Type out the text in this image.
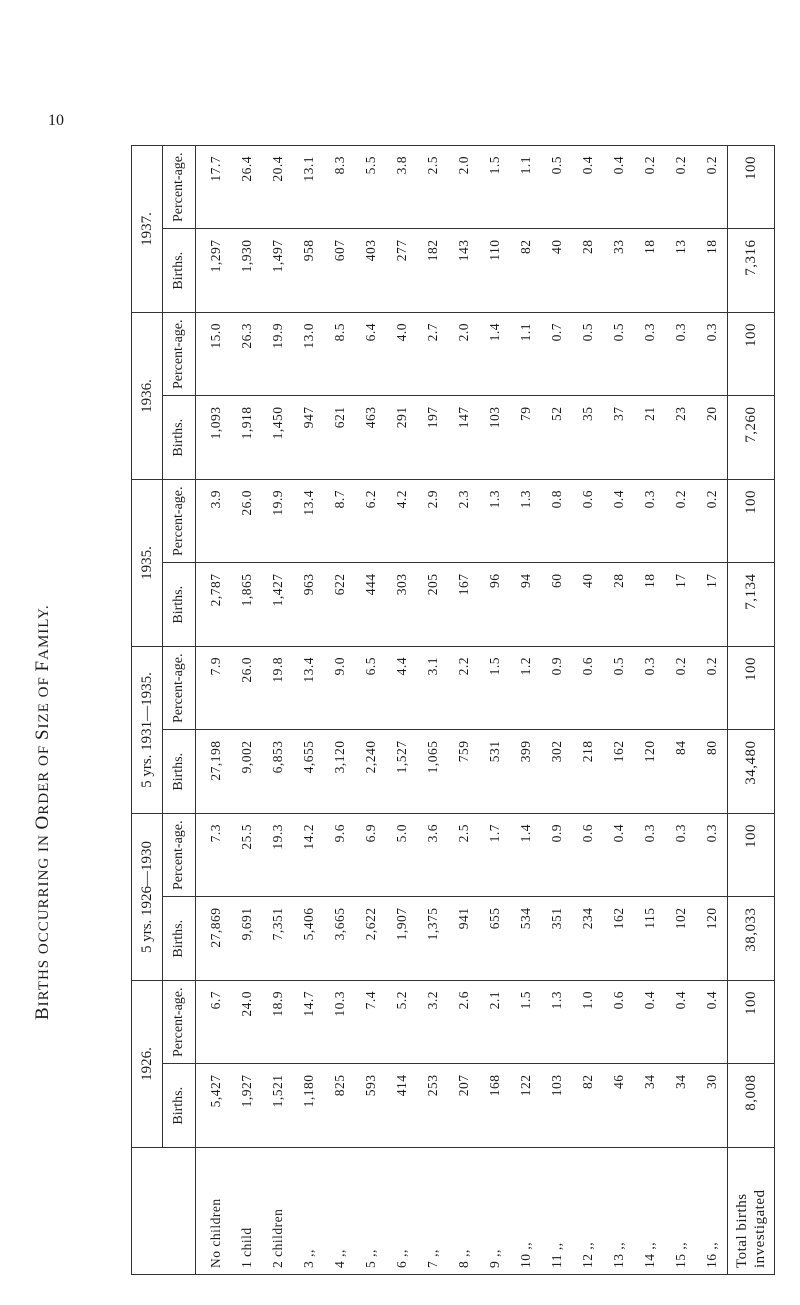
10
BIRTHS OCCURRING IN ORDER OF SIZE OF FAMILY.
	1926.		5 yrs. 1926—1930		5 yrs. 1931—1935.		1935.		1936.		1937.	
	Births.	Percent-age.	Births.	Percent-age.	Births.	Percent-age.	Births.	Percent-age.	Births.	Percent-age.	Births.	Percent-age.
No children	5,427	6.7	27,869	7.3	27,198	7.9	2,787	3.9	1,093	15.0	1,297	17.7
1 child	1,927	24.0	9,691	25.5	9,002	26.0	1,865	26.0	1,918	26.3	1,930	26.4
2 children	1,521	18.9	7,351	19.3	6,853	19.8	1,427	19.9	1,450	19.9	1,497	20.4
3 ,,	1,180	14.7	5,406	14.2	4,655	13.4	963	13.4	947	13.0	958	13.1
4 ,,	825	10.3	3,665	9.6	3,120	9.0	622	8.7	621	8.5	607	8.3
5 ,,	593	7.4	2,622	6.9	2,240	6.5	444	6.2	463	6.4	403	5.5
6 ,,	414	5.2	1,907	5.0	1,527	4.4	303	4.2	291	4.0	277	3.8
7 ,,	253	3.2	1,375	3.6	1,065	3.1	205	2.9	197	2.7	182	2.5
8 ,,	207	2.6	941	2.5	759	2.2	167	2.3	147	2.0	143	2.0
9 ,,	168	2.1	655	1.7	531	1.5	96	1.3	103	1.4	110	1.5
10 ,,	122	1.5	534	1.4	399	1.2	94	1.3	79	1.1	82	1.1
11 ,,	103	1.3	351	0.9	302	0.9	60	0.8	52	0.7	40	0.5
12 ,,	82	1.0	234	0.6	218	0.6	40	0.6	35	0.5	28	0.4
13 ,,	46	0.6	162	0.4	162	0.5	28	0.4	37	0.5	33	0.4
14 ,,	34	0.4	115	0.3	120	0.3	18	0.3	21	0.3	18	0.2
15 ,,	34	0.4	102	0.3	84	0.2	17	0.2	23	0.3	13	0.2
16 ,,	30	0.4	120	0.3	80	0.2	17	0.2	20	0.3	18	0.2

Total births investigated	8,008	100	38,033	100	34,480	100	7,134	100	7,260	100	7,316	100
